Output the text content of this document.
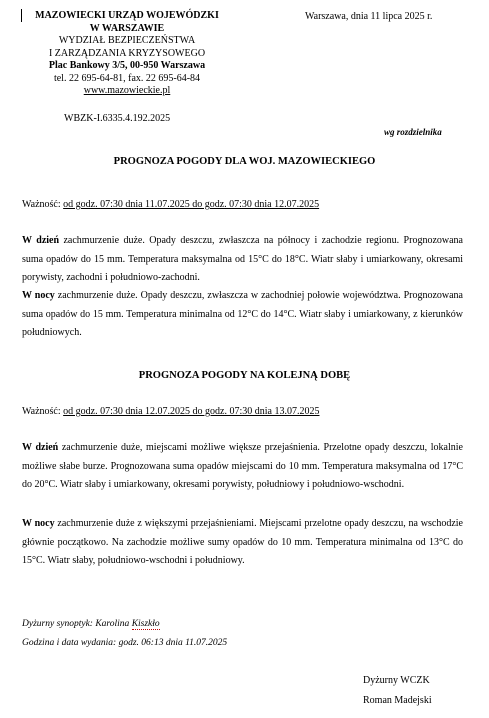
MAZOWIECKI URZĄD WOJEWÓDZKI
W WARSZAWIE
WYDZIAŁ BEZPIECZEŃSTWA
I ZARZĄDZANIA KRYZYSOWEGO
Plac Bankowy 3/5, 00-950 Warszawa
tel. 22 695-64-81, fax. 22 695-64-84
www.mazowieckie.pl
Warszawa, dnia 11 lipca 2025 r.
WBZK-I.6335.4.192.2025
wg rozdzielnika
PROGNOZA POGODY DLA WOJ. MAZOWIECKIEGO
Ważność: od godz. 07:30 dnia 11.07.2025 do godz. 07:30 dnia 12.07.2025
W dzień zachmurzenie duże. Opady deszczu, zwłaszcza na północy i zachodzie regionu. Prognozowana suma opadów do 15 mm. Temperatura maksymalna od 15°C do 18°C. Wiatr słaby i umiarkowany, okresami porywisty, zachodni i południowo-zachodni.
W nocy zachmurzenie duże. Opady deszczu, zwłaszcza w zachodniej połowie województwa. Prognozowana suma opadów do 15 mm. Temperatura minimalna od 12°C do 14°C. Wiatr słaby i umiarkowany, z kierunków południowych.
PROGNOZA POGODY NA KOLEJNĄ DOBĘ
Ważność: od godz. 07:30 dnia 12.07.2025 do godz. 07:30 dnia 13.07.2025
W dzień zachmurzenie duże, miejscami możliwe większe przejaśnienia. Przelotne opady deszczu, lokalnie możliwe słabe burze. Prognozowana suma opadów miejscami do 10 mm. Temperatura maksymalna od 17°C do 20°C. Wiatr słaby i umiarkowany, okresami porywisty, południowy i południowo-wschodni.
W nocy zachmurzenie duże z większymi przejaśnieniami. Miejscami przelotne opady deszczu, na wschodzie głównie początkowo. Na zachodzie możliwe sumy opadów do 10 mm. Temperatura minimalna od 13°C do 15°C. Wiatr słaby, południowo-wschodni i południowy.
Dyżurny synoptyk: Karolina Kiszkło
Godzina i data wydania: godz. 06:13 dnia 11.07.2025
Dyżurny WCZK
Roman Madejski
